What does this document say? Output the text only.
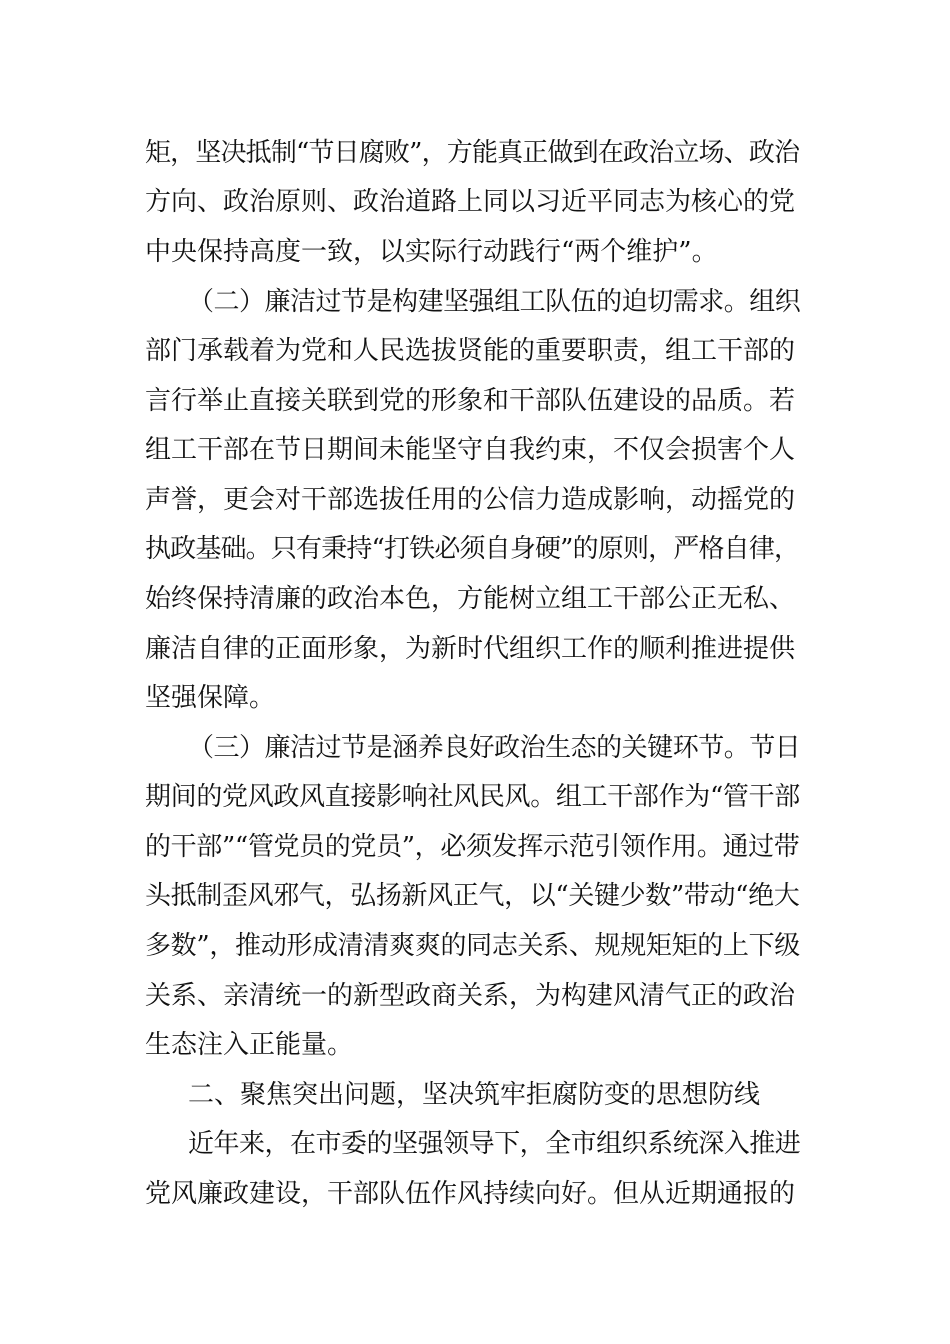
矩，坚决抵制“节日腐败”，方能真正做到在政治立场、政治
方向、政治原则、政治道路上同以习近平同志为核心的党
中央保持高度一致，以实际行动践行“两个维护”。
（二）廉洁过节是构建坚强组工队伍的迫切需求。组织
部门承载着为党和人民选拔贤能的重要职责，组工干部的
言行举止直接关联到党的形象和干部队伍建设的品质。若
组工干部在节日期间未能坚守自我约束，不仅会损害个人
声誉，更会对干部选拔任用的公信力造成影响，动摇党的
执政基础。只有秉持“打铁必须自身硬”的原则，严格自律，
始终保持清廉的政治本色，方能树立组工干部公正无私、
廉洁自律的正面形象，为新时代组织工作的顺利推进提供
坚强保障。
（三）廉洁过节是涵养良好政治生态的关键环节。节日
期间的党风政风直接影响社风民风。组工干部作为“管干部
的干部”“管党员的党员”，必须发挥示范引领作用。通过带
头抵制歪风邪气，弘扬新风正气，以“关键少数”带动“绝大
多数”，推动形成清清爽爽的同志关系、规规矩矩的上下级
关系、亲清统一的新型政商关系，为构建风清气正的政治
生态注入正能量。
二、聚焦突出问题，坚决筑牢拒腐防变的思想防线
近年来，在市委的坚强领导下，全市组织系统深入推进
党风廉政建设，干部队伍作风持续向好。但从近期通报的
